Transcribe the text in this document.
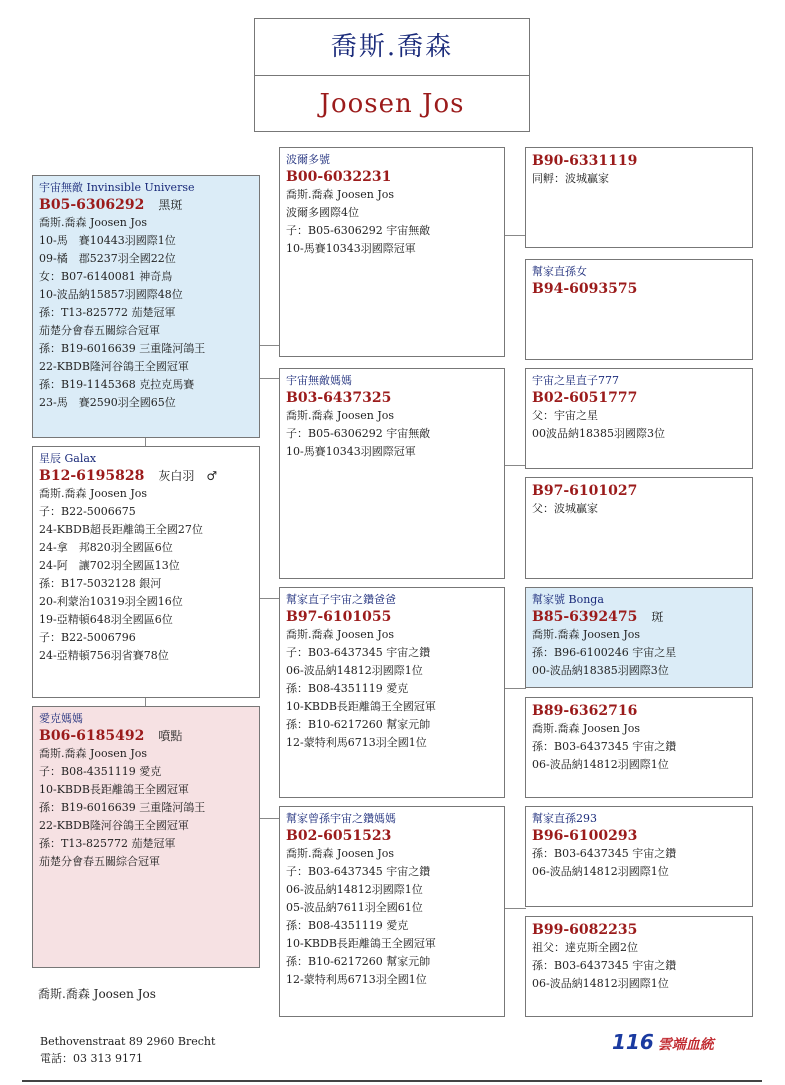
喬斯.喬森
Joosen Jos
宇宙無敵 Invinsible Universe
B05-6306292 黑斑
喬斯.喬森 Joosen Jos
10-馬　賽10443羽國際1位
09-橘　郡5237羽全國22位
女：B07-6140081 神奇鳥
10-波品納15857羽國際48位
孫：T13-825772 茄楚冠軍
茄楚分會春五關綜合冠軍
孫：B19-6016639 三重隆河鴿王
22-KBDB隆河谷鴿王全國冠軍
孫：B19-1145368 克拉克馬賽
23-馬　賽2590羽全國65位
星辰 Galax
B12-6195828 灰白羽　♂
喬斯.喬森 Joosen Jos
子：B22-5006675
24-KBDB超長距離鴿王全國27位
24-拿　邦820羽全國區6位
24-阿　讓702羽全國區13位
孫：B17-5032128 銀河
20-利蒙治10319羽全國16位
19-亞精頓648羽全國區6位
子：B22-5006796
24-亞精頓756羽省賽78位
愛克媽媽
B06-6185492 噴點
喬斯.喬森 Joosen Jos
子：B08-4351119 愛克
10-KBDB長距離鴿王全國冠軍
孫：B19-6016639 三重隆河鴿王
22-KBDB隆河谷鴿王全國冠軍
孫：T13-825772 茄楚冠軍
茄楚分會春五關綜合冠軍
波爾多號
B00-6032231
喬斯.喬森 Joosen Jos
波爾多國際4位
子：B05-6306292 宇宙無敵
10-馬賽10343羽國際冠軍
宇宙無敵媽媽
B03-6437325
喬斯.喬森 Joosen Jos
子：B05-6306292 宇宙無敵
10-馬賽10343羽國際冠軍
幫家直子宇宙之鑽爸爸
B97-6101055
喬斯.喬森 Joosen Jos
子：B03-6437345 宇宙之鑽
06-波品納14812羽國際1位
孫：B08-4351119 愛克
10-KBDB長距離鴿王全國冠軍
孫：B10-6217260 幫家元帥
12-蒙特利馬6713羽全國1位
幫家曾孫宇宙之鑽媽媽
B02-6051523
喬斯.喬森 Joosen Jos
子：B03-6437345 宇宙之鑽
06-波品納14812羽國際1位
05-波品納7611羽全國61位
孫：B08-4351119 愛克
10-KBDB長距離鴿王全國冠軍
孫：B10-6217260 幫家元帥
12-蒙特利馬6713羽全國1位
B90-6331119
同孵：波城贏家
幫家直孫女
B94-6093575
宇宙之星直子777
B02-6051777
父：宇宙之星
00波品納18385羽國際3位
B97-6101027
父：波城贏家
幫家號 Bonga
B85-6392475 斑
喬斯.喬森 Joosen Jos
孫：B96-6100246 宇宙之星
00-波品納18385羽國際3位
B89-6362716
喬斯.喬森 Joosen Jos
孫：B03-6437345 宇宙之鑽
06-波品納14812羽國際1位
幫家直孫293
B96-6100293
孫：B03-6437345 宇宙之鑽
06-波品納14812羽國際1位
B99-6082235
祖父：達克斯全國2位
孫：B03-6437345 宇宙之鑽
06-波品納14812羽國際1位
喬斯.喬森 Joosen Jos
Bethovenstraat 89 2960 Brecht
電話：03 313 9171
116 雲端血統
